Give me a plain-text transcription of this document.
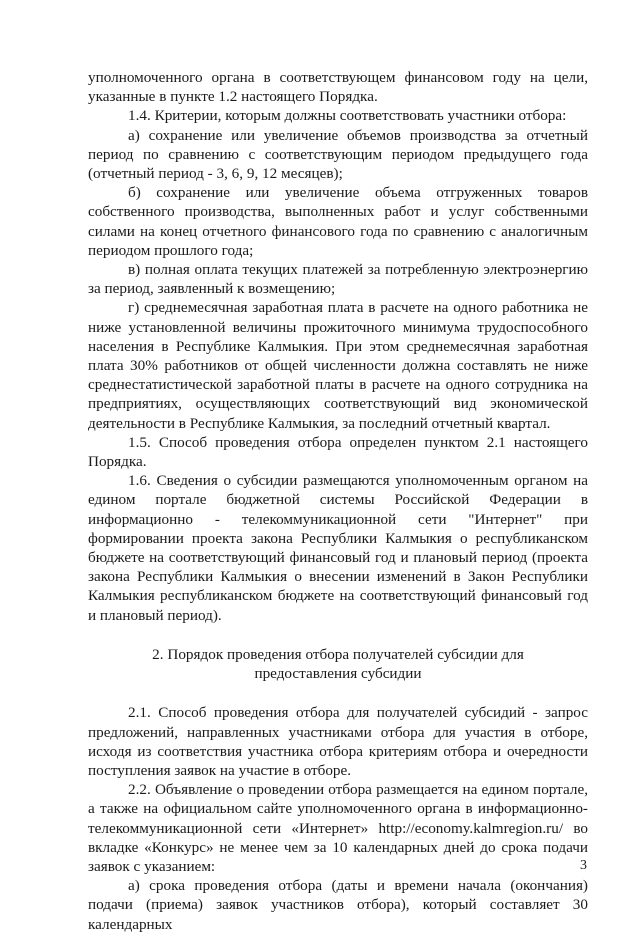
уполномоченного органа в соответствующем финансовом году на цели, указанные в пункте 1.2 настоящего Порядка.

1.4. Критерии, которым должны соответствовать участники отбора:

а) сохранение или увеличение объемов производства за отчетный период по сравнению с соответствующим периодом предыдущего года (отчетный период - 3, 6, 9, 12 месяцев);

б) сохранение или увеличение объема отгруженных товаров собственного производства, выполненных работ и услуг собственными силами на конец отчетного финансового года по сравнению с аналогичным периодом прошлого года;

в) полная оплата текущих платежей за потребленную электроэнергию за период, заявленный к возмещению;

г) среднемесячная заработная плата в расчете на одного работника не ниже установленной величины прожиточного минимума трудоспособного населения в Республике Калмыкия. При этом среднемесячная заработная плата 30% работников от общей численности должна составлять не ниже среднестатистической заработной платы в расчете на одного сотрудника на предприятиях, осуществляющих соответствующий вид экономической деятельности в Республике Калмыкия, за последний отчетный квартал.

1.5. Способ проведения отбора определен пунктом 2.1 настоящего Порядка.

1.6. Сведения о субсидии размещаются уполномоченным органом на едином портале бюджетной системы Российской Федерации в информационно - телекоммуникационной сети "Интернет" при формировании проекта закона Республики Калмыкия о республиканском бюджете на соответствующий финансовый год и плановый период (проекта закона Республики Калмыкия о внесении изменений в Закон Республики Калмыкия республиканском бюджете на соответствующий финансовый год и плановый период).

2. Порядок проведения отбора получателей субсидии для предоставления субсидии

2.1. Способ проведения отбора для получателей субсидий - запрос предложений, направленных участниками отбора для участия в отборе, исходя из соответствия участника отбора критериям отбора и очередности поступления заявок на участие в отборе.

2.2. Объявление о проведении отбора размещается на едином портале, а также на официальном сайте уполномоченного органа в информационно-телекоммуникационной сети «Интернет» http://economy.kalmregion.ru/ во вкладке «Конкурс» не менее чем за 10 календарных дней до срока подачи заявок с указанием:

а) срока проведения отбора (даты и времени начала (окончания) подачи (приема) заявок участников отбора), который составляет 30 календарных

3
